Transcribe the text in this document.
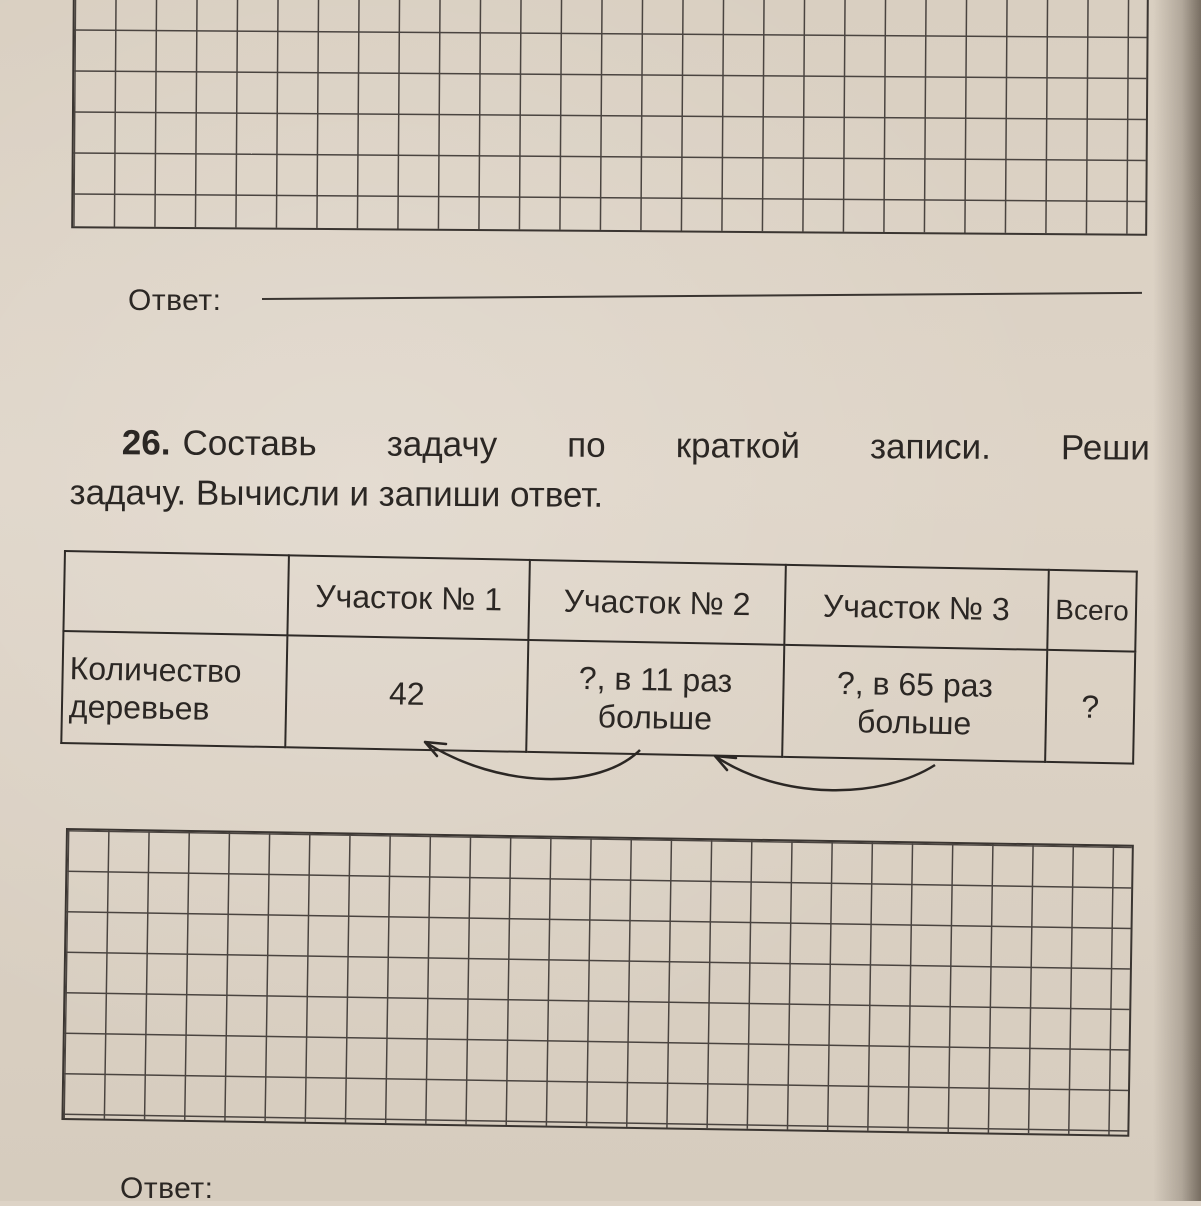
Ответ:
26. Составь задачу по краткой записи. Реши
задачу. Вычисли и запиши ответ.
	Участок № 1	Участок № 2	Участок № 3	Всего
Количество деревьев	42	?, в 11 раз больше	?, в 65 раз больше	?
Ответ:
